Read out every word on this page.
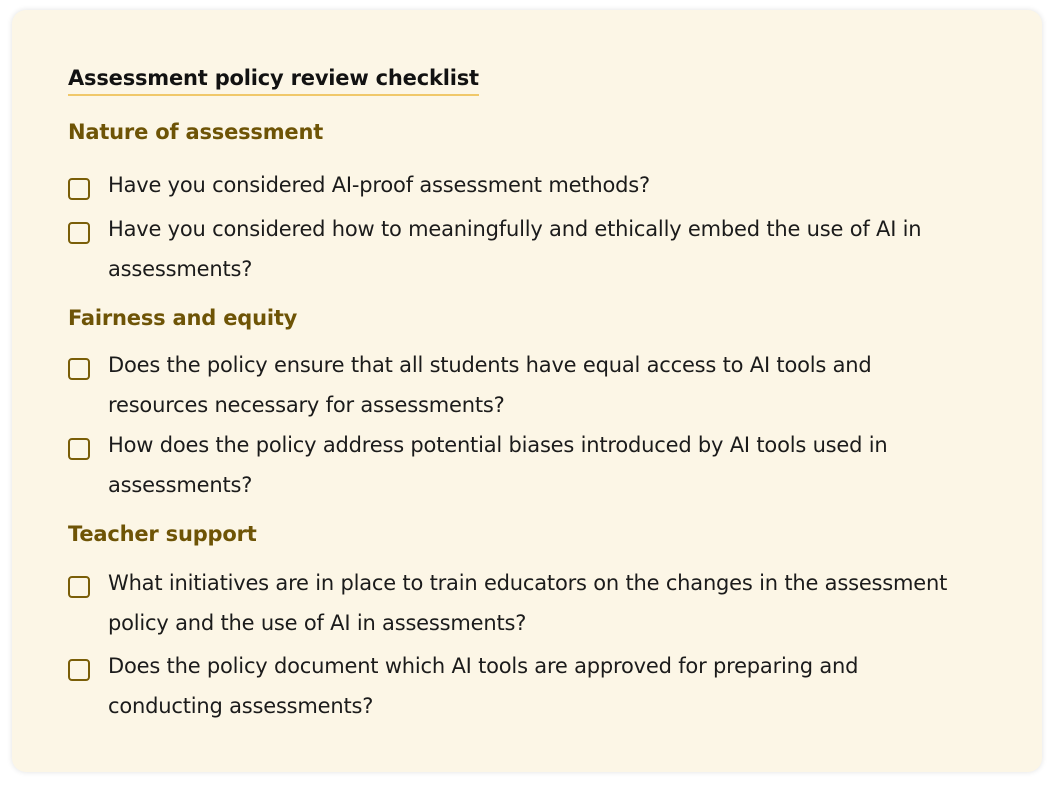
Assessment policy review checklist
Nature of assessment
Have you considered AI-proof assessment methods?
Have you considered how to meaningfully and ethically embed the use of AI in assessments?
Fairness and equity
Does the policy ensure that all students have equal access to AI tools and resources necessary for assessments?
How does the policy address potential biases introduced by AI tools used in assessments?
Teacher support
What initiatives are in place to train educators on the changes in the assessment policy and the use of AI in assessments?
Does the policy document which AI tools are approved for preparing and conducting assessments?
